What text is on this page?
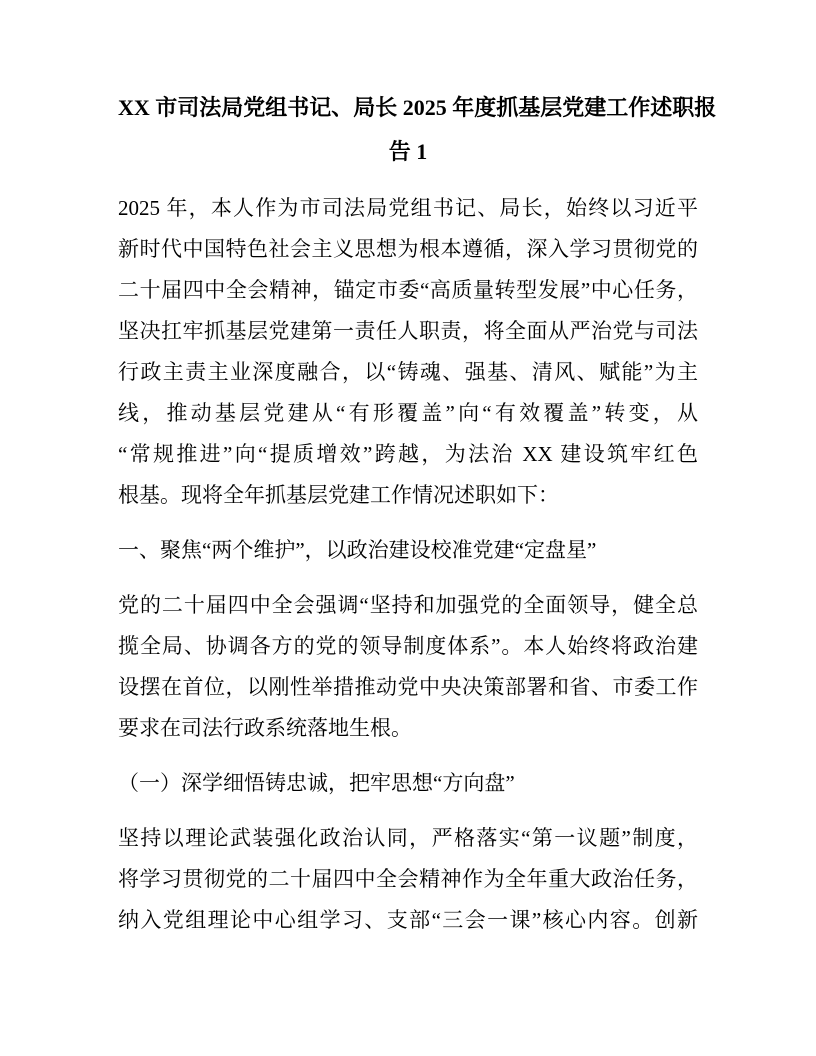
XX 市司法局党组书记、局长 2025 年度抓基层党建工作述职报
告 1
2025 年，本人作为市司法局党组书记、局长，始终以习近平
新时代中国特色社会主义思想为根本遵循，深入学习贯彻党的
二十届四中全会精神，锚定市委“高质量转型发展”中心任务，
坚决扛牢抓基层党建第一责任人职责，将全面从严治党与司法
行政主责主业深度融合，以“铸魂、强基、清风、赋能”为主
线，推动基层党建从“有形覆盖”向“有效覆盖”转变，从
“常规推进”向“提质增效”跨越，为法治 XX 建设筑牢红色
根基。现将全年抓基层党建工作情况述职如下：
一、聚焦“两个维护”，以政治建设校准党建“定盘星”
党的二十届四中全会强调“坚持和加强党的全面领导，健全总
揽全局、协调各方的党的领导制度体系”。本人始终将政治建
设摆在首位，以刚性举措推动党中央决策部署和省、市委工作
要求在司法行政系统落地生根。
（一）深学细悟铸忠诚，把牢思想“方向盘”
坚持以理论武装强化政治认同，严格落实“第一议题”制度，
将学习贯彻党的二十届四中全会精神作为全年重大政治任务，
纳入党组理论中心组学习、支部“三会一课”核心内容。创新
